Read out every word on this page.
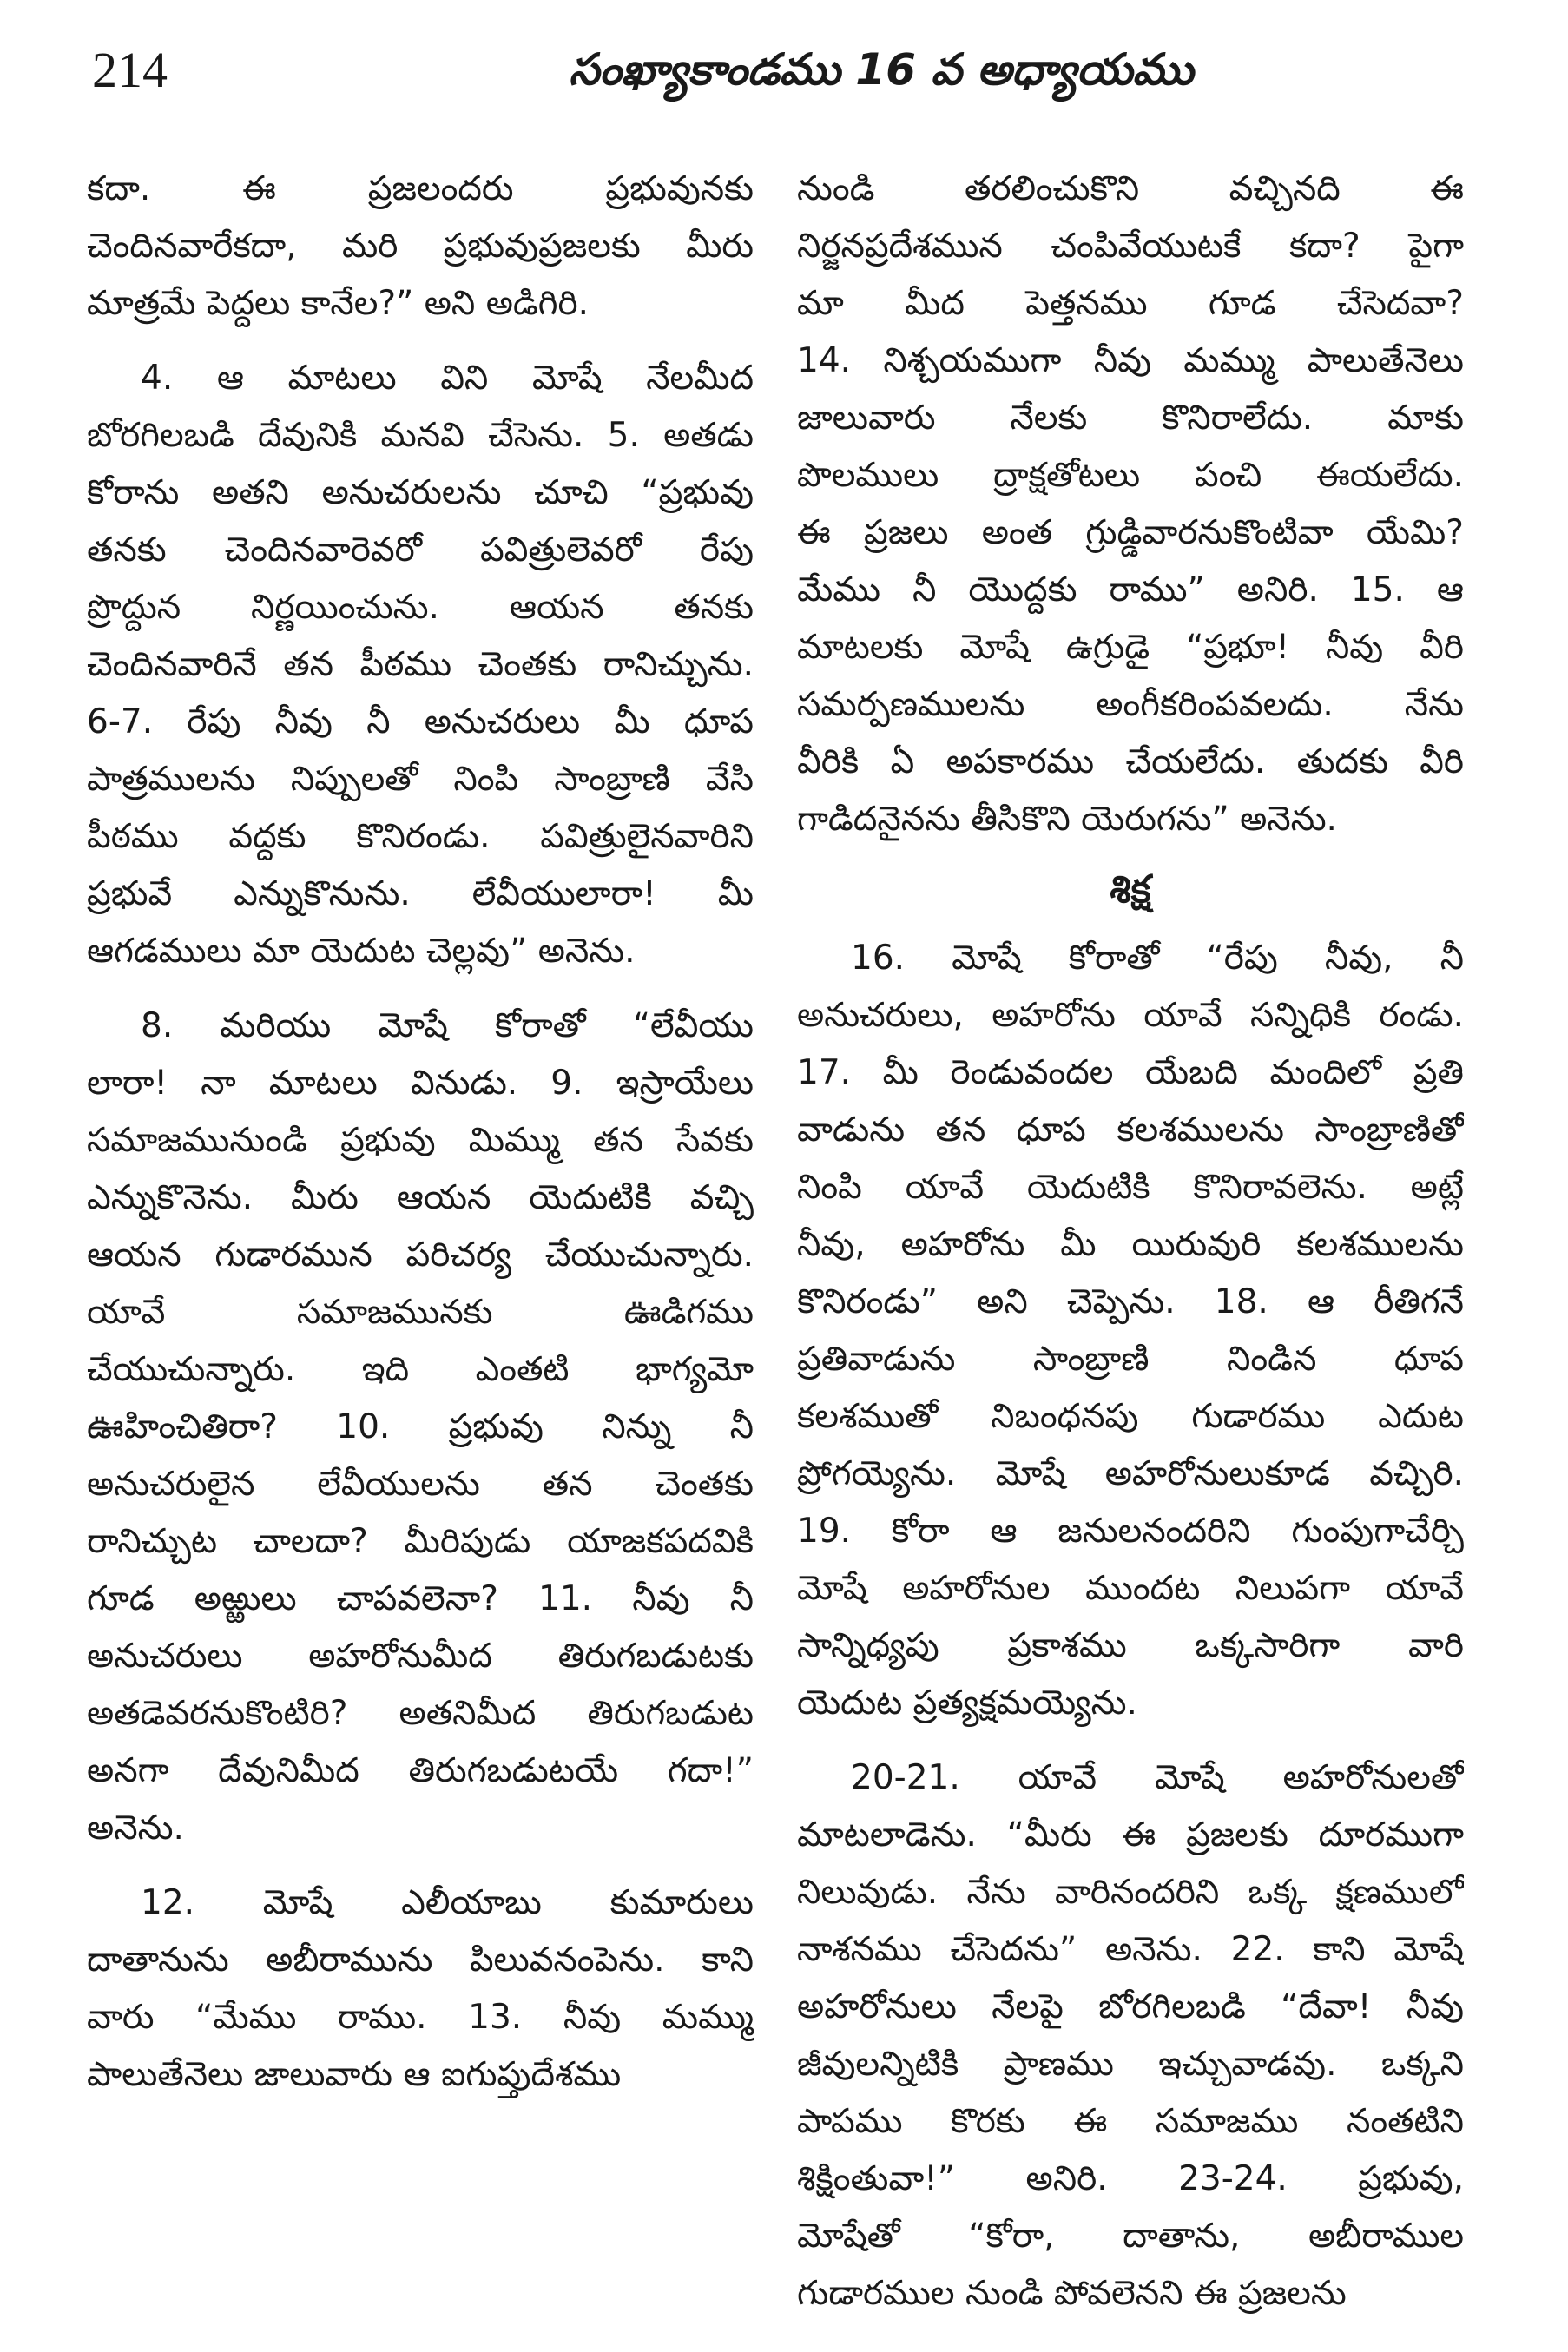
214	సంఖ్యాకాండము 16 వ అధ్యాయము
కదా. ఈ ప్రజలందరు ప్రభువునకు
చెందినవారేకదా, మరి ప్రభువుప్రజలకు మీరు
మాత్రమే పెద్దలు కానేల?” అని అడిగిరి.
4. ఆ మాటలు విని మోషే నేలమీద
బోరగిలబడి దేవునికి మనవి చేసెను. 5. అతడు
కోరాను అతని అనుచరులను చూచి “ప్రభువు
తనకు చెందినవారెవరో పవిత్రులెవరో రేపు
ప్రొద్దున నిర్ణయించును. ఆయన తనకు
చెందినవారినే తన పీఠము చెంతకు రానిచ్చును.
6-7. రేపు నీవు నీ అనుచరులు మీ ధూప
పాత్రములను నిప్పులతో నింపి సాంబ్రాణి వేసి
పీఠము వద్దకు కొనిరండు. పవిత్రులైనవారిని
ప్రభువే ఎన్నుకొనును. లేవీయులారా! మీ
ఆగడములు మా యెదుట చెల్లవు” అనెను.
8. మరియు మోషే కోరాతో “లేవీయు
లారా! నా మాటలు వినుడు. 9. ఇస్రాయేలు
సమాజమునుండి ప్రభువు మిమ్ము తన సేవకు
ఎన్నుకొనెను. మీరు ఆయన యెదుటికి వచ్చి
ఆయన గుడారమున పరిచర్య చేయుచున్నారు.
యావే సమాజమునకు ఊడిగము
చేయుచున్నారు. ఇది ఎంతటి భాగ్యమో
ఊహించితిరా? 10. ప్రభువు నిన్ను నీ
అనుచరులైన లేవీయులను తన చెంతకు
రానిచ్చుట చాలదా? మీరిపుడు యాజకపదవికి
గూడ అఱ్ఱులు చాపవలెనా? 11. నీవు నీ
అనుచరులు అహరోనుమీద తిరుగబడుటకు
అతడెవరనుకొంటిరి? అతనిమీద తిరుగబడుట
అనగా దేవునిమీద తిరుగబడుటయే గదా!”
అనెను.
12. మోషే ఎలీయాబు కుమారులు
దాతానును అబీరామును పిలువనంపెను. కాని
వారు “మేము రాము. 13. నీవు మమ్ము
పాలుతేనెలు జాలువారు ఆ ఐగుప్తుదేశము
నుండి తరలించుకొని వచ్చినది ఈ
నిర్జనప్రదేశమున చంపివేయుటకే కదా? పైగా
మా మీద పెత్తనము గూడ చేసెదవా?
14. నిశ్చయముగా నీవు మమ్ము పాలుతేనెలు
జాలువారు నేలకు కొనిరాలేదు. మాకు
పొలములు ద్రాక్షతోటలు పంచి ఈయలేదు.
ఈ ప్రజలు అంత గ్రుడ్డివారనుకొంటివా యేమి?
మేము నీ యొద్దకు రాము” అనిరి. 15. ఆ
మాటలకు మోషే ఉగ్రుడై “ప్రభూ! నీవు వీరి
సమర్పణములను అంగీకరింపవలదు. నేను
వీరికి ఏ అపకారము చేయలేదు. తుదకు వీరి
గాడిదనైనను తీసికొని యెరుగను” అనెను.
శిక్ష
16. మోషే కోరాతో “రేపు నీవు, నీ
అనుచరులు, అహరోను యావే సన్నిధికి రండు.
17. మీ రెండువందల యేబది మందిలో ప్రతి
వాడును తన ధూప కలశములను సాంబ్రాణితో
నింపి యావే యెదుటికి కొనిరావలెను. అట్లే
నీవు, అహరోను మీ యిరువురి కలశములను
కొనిరండు” అని చెప్పెను. 18. ఆ రీతిగనే
ప్రతివాడును సాంబ్రాణి నిండిన ధూప
కలశముతో నిబంధనపు గుడారము ఎదుట
ప్రోగయ్యెను. మోషే అహరోనులుకూడ వచ్చిరి.
19. కోరా ఆ జనులనందరిని గుంపుగాచేర్చి
మోషే అహరోనుల ముందట నిలుపగా యావే
సాన్నిధ్యపు ప్రకాశము ఒక్కసారిగా వారి
యెదుట ప్రత్యక్షమయ్యెను.
20-21. యావే మోషే అహరోనులతో
మాటలాడెను. “మీరు ఈ ప్రజలకు దూరముగా
నిలువుడు. నేను వారినందరిని ఒక్క క్షణములో
నాశనము చేసెదను” అనెను. 22. కాని మోషే
అహరోనులు నేలపై బోరగిలబడి “దేవా! నీవు
జీవులన్నిటికి ప్రాణము ఇచ్చువాడవు. ఒక్కని
పాపము కొరకు ఈ సమాజము నంతటిని
శిక్షింతువా!” అనిరి. 23-24. ప్రభువు,
మోషేతో “కోరా, దాతాను, అబీరాముల
గుడారముల నుండి పోవలెనని ఈ ప్రజలను
